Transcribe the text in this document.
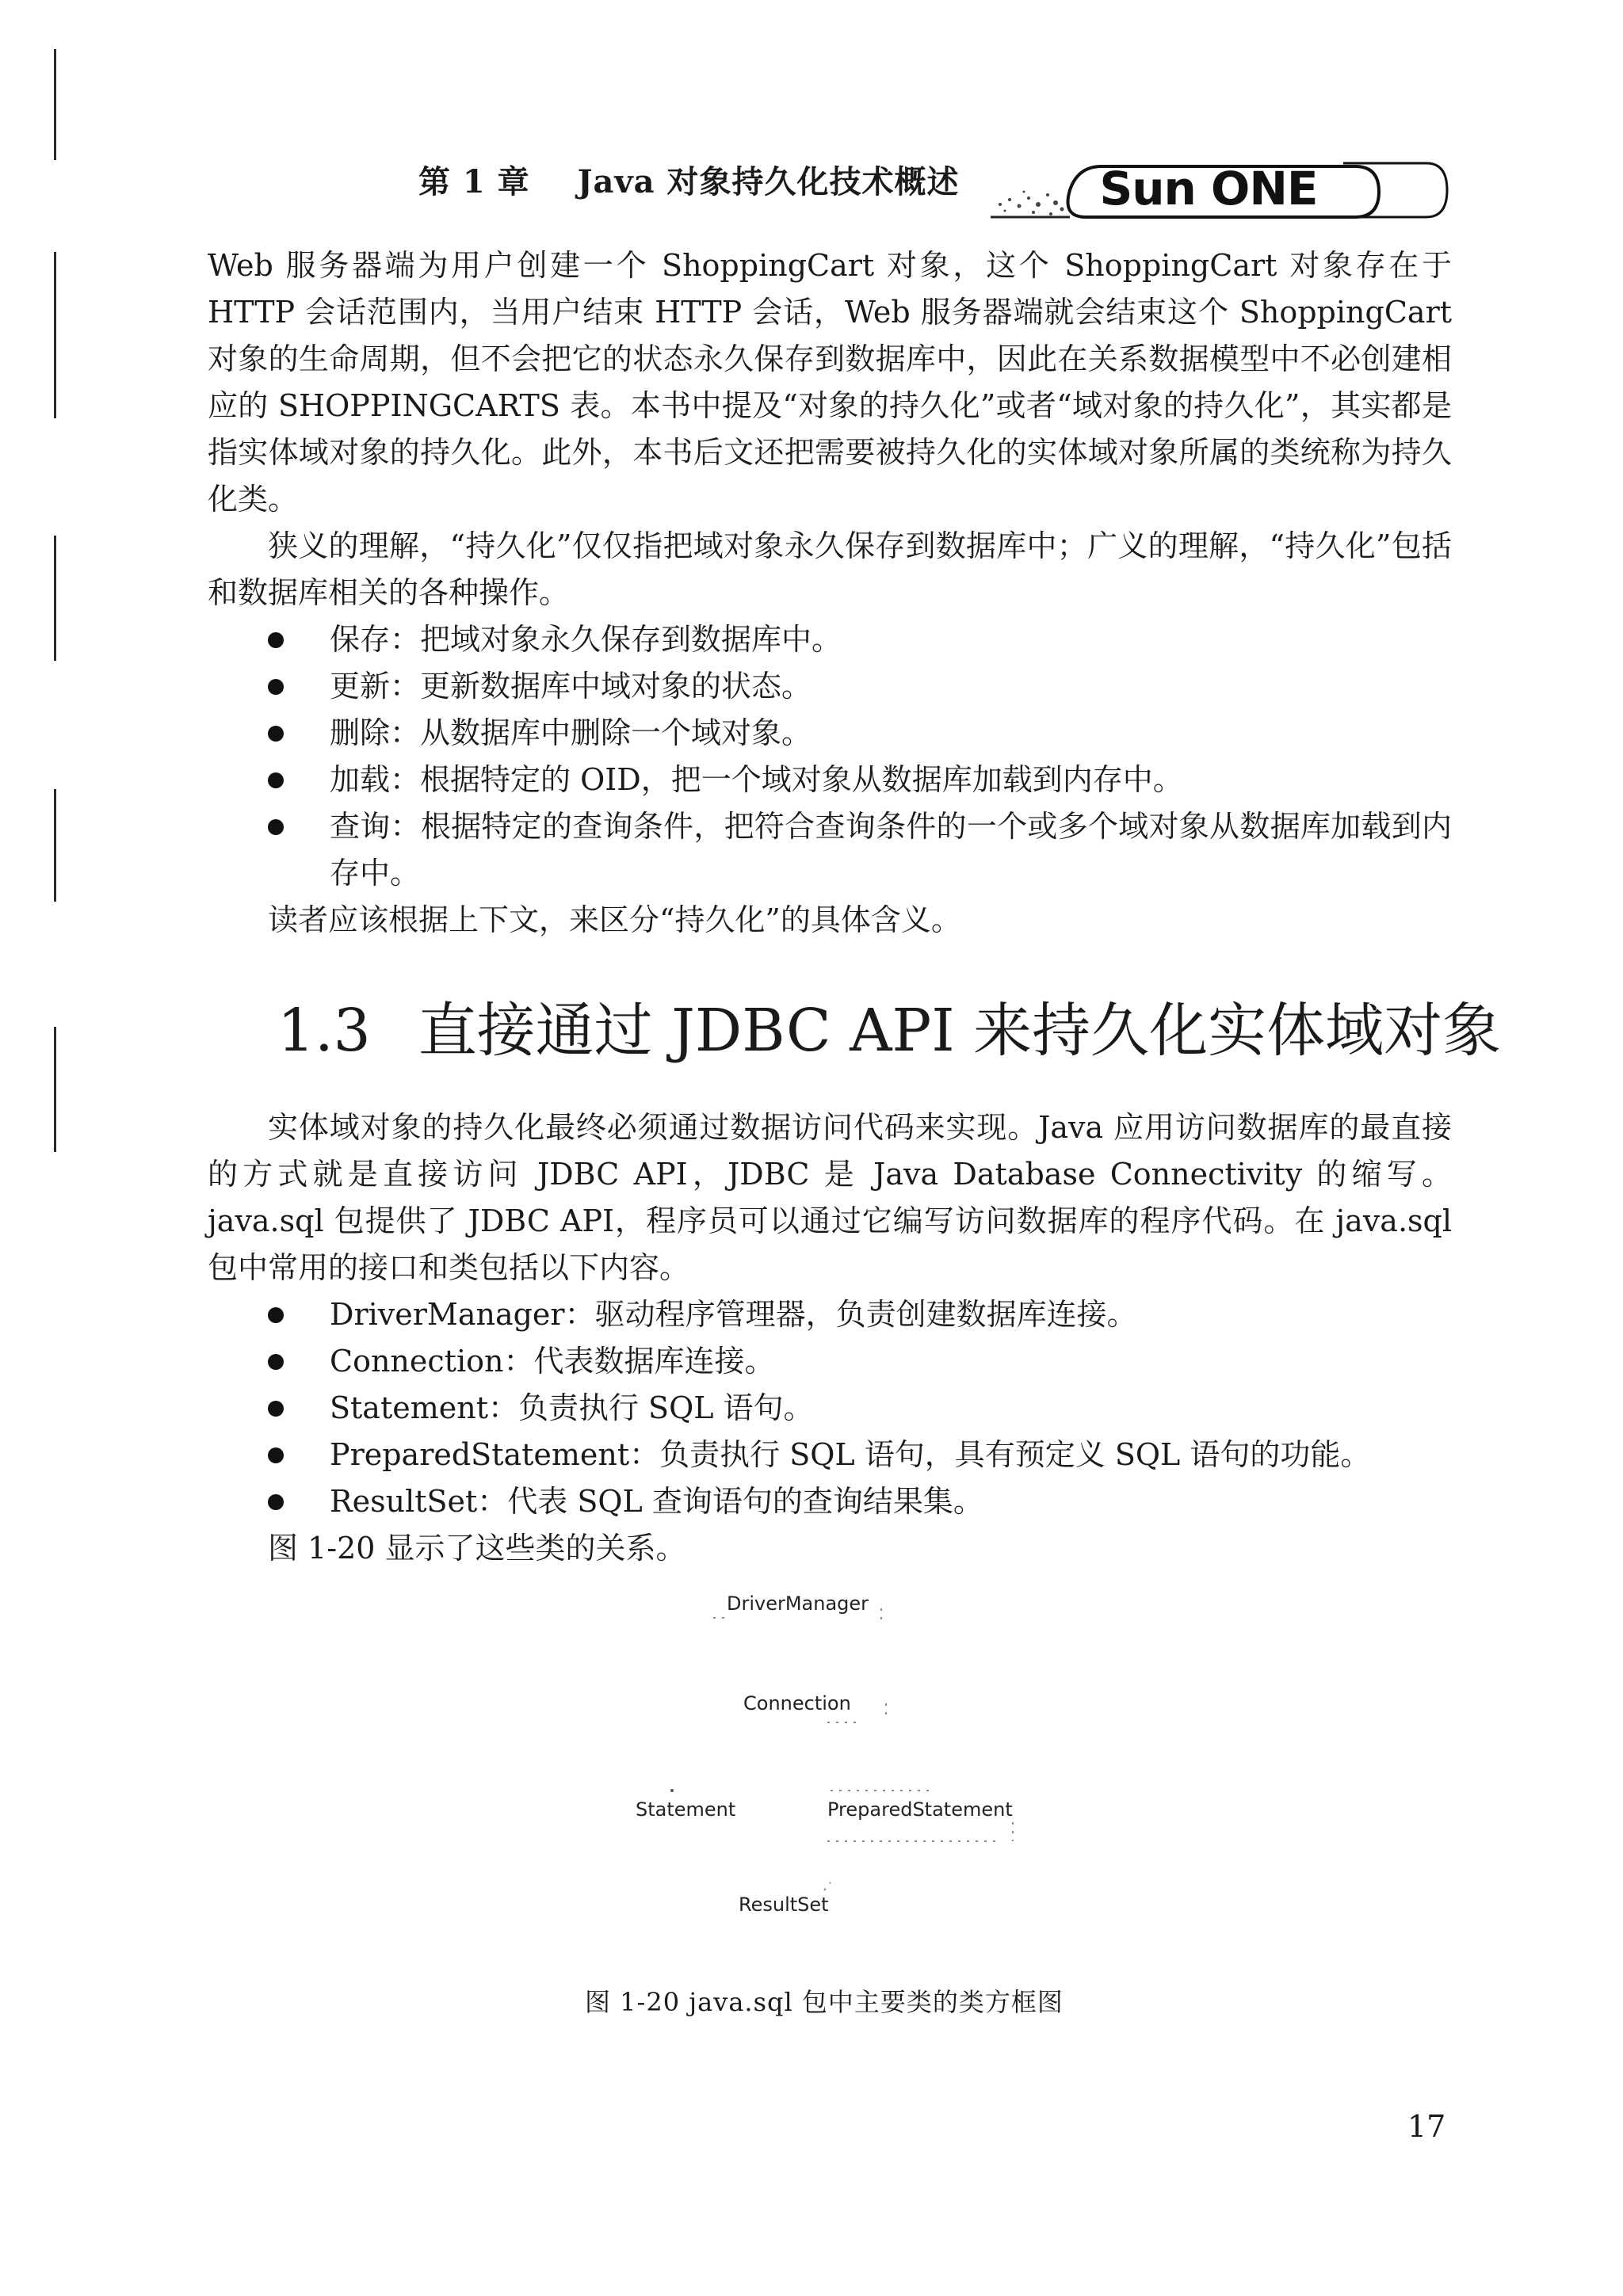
第 1 章 Java 对象持久化技术概述	Sun ONE

Web 服务器端为用户创建一个 ShoppingCart 对象，这个 ShoppingCart 对象存在于 HTTP 会话范围内，当用户结束 HTTP 会话，Web 服务器端就会结束这个 ShoppingCart 对象的生命周期，但不会把它的状态永久保存到数据库中，因此在关系数据模型中不必创建相应的 SHOPPINGCARTS 表。本书中提及“对象的持久化”或者“域对象的持久化”，其实都是指实体域对象的持久化。此外，本书后文还把需要被持久化的实体域对象所属的类统称为持久化类。

狭义的理解，“持久化”仅仅指把域对象永久保存到数据库中；广义的理解，“持久化”包括和数据库相关的各种操作。

保存：把域对象永久保存到数据库中。
更新：更新数据库中域对象的状态。
删除：从数据库中删除一个域对象。
加载：根据特定的 OID，把一个域对象从数据库加载到内存中。
查询：根据特定的查询条件，把符合查询条件的一个或多个域对象从数据库加载到内存中。

读者应该根据上下文，来区分“持久化”的具体含义。

1.3 直接通过 JDBC API 来持久化实体域对象

实体域对象的持久化最终必须通过数据访问代码来实现。Java 应用访问数据库的最直接的方式就是直接访问 JDBC API，JDBC 是 Java Database Connectivity 的缩写。java.sql 包提供了 JDBC API，程序员可以通过它编写访问数据库的程序代码。在 java.sql 包中常用的接口和类包括以下内容。

DriverManager：驱动程序管理器，负责创建数据库连接。
Connection：代表数据库连接。
Statement：负责执行 SQL 语句。
PreparedStatement：负责执行 SQL 语句，具有预定义 SQL 语句的功能。
ResultSet：代表 SQL 查询语句的查询结果集。

图 1-20 显示了这些类的关系。

DriverManager
Connection
Statement	PreparedStatement
ResultSet
图 1-20 java.sql 包中主要类的类方框图
17
